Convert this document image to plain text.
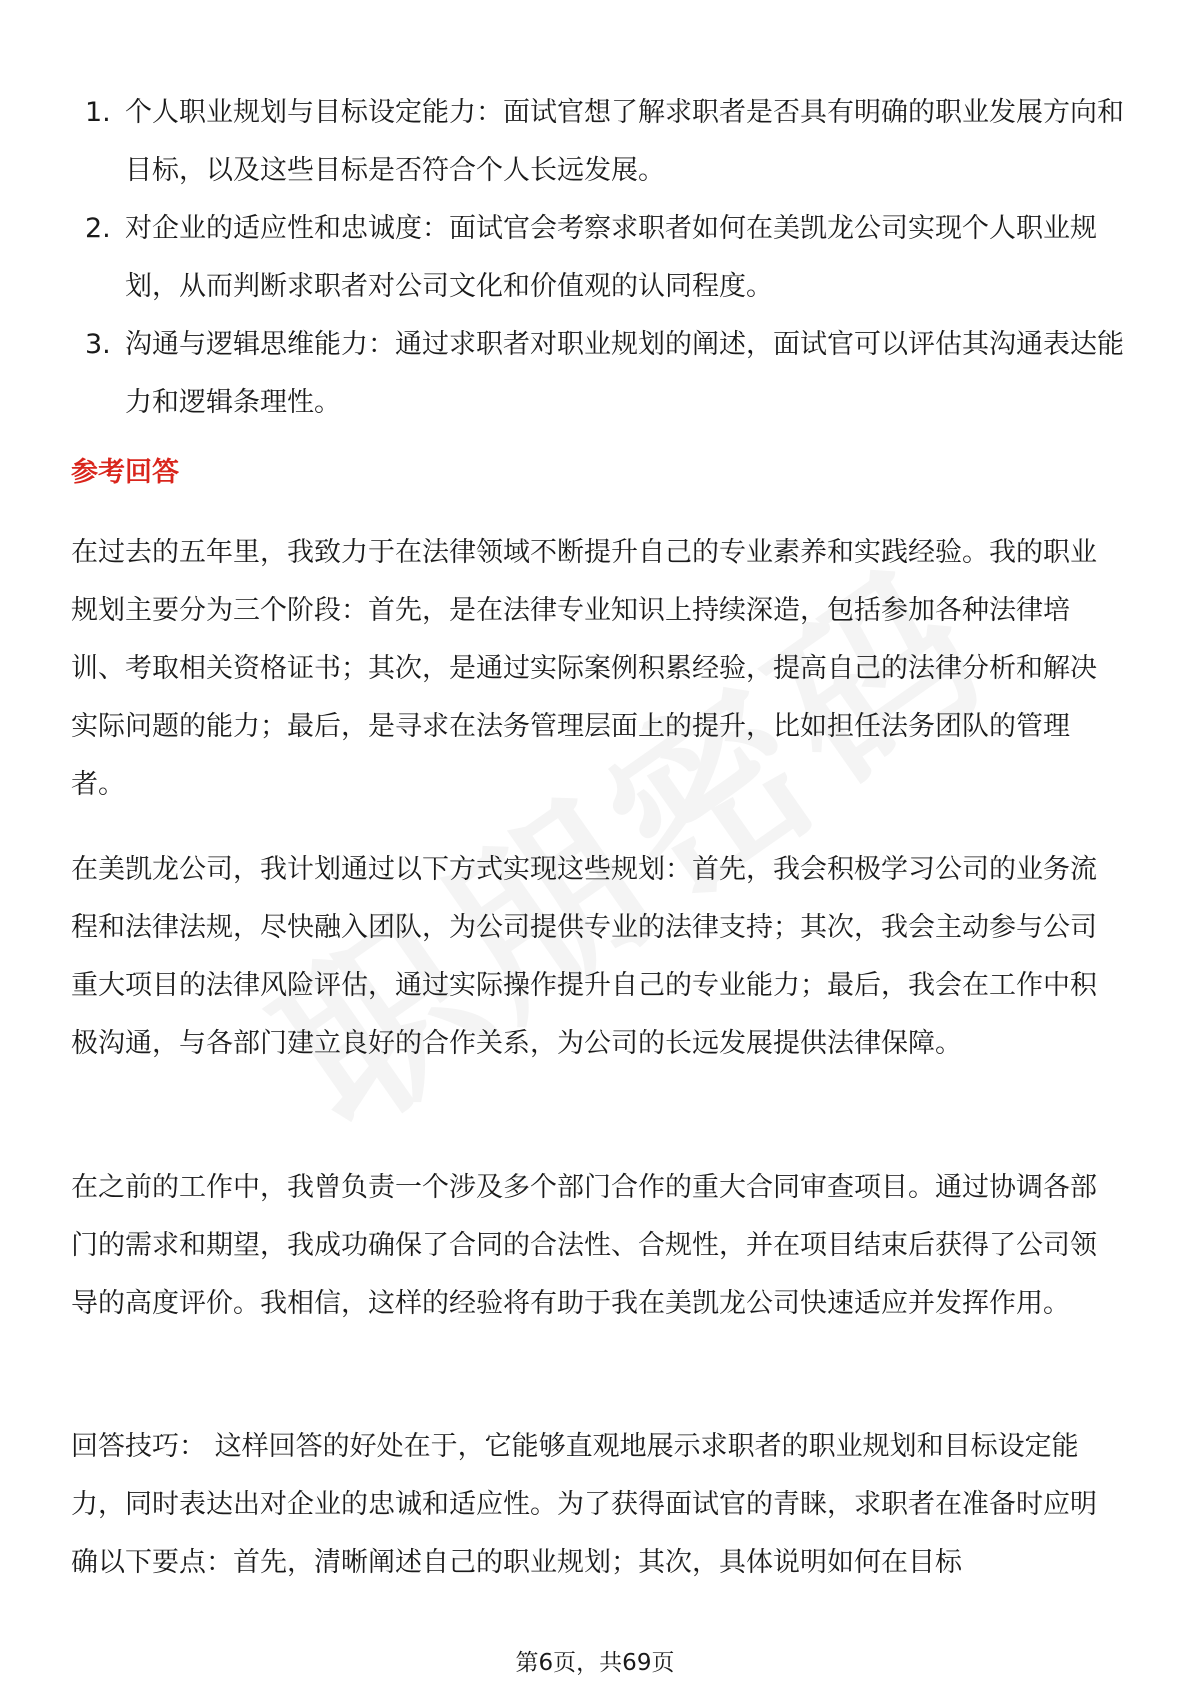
1. 个人职业规划与目标设定能力：面试官想了解求职者是否具有明确的职业发展方向和目标，以及这些目标是否符合个人长远发展。
2. 对企业的适应性和忠诚度：面试官会考察求职者如何在美凯龙公司实现个人职业规划，从而判断求职者对公司文化和价值观的认同程度。
3. 沟通与逻辑思维能力：通过求职者对职业规划的阐述，面试官可以评估其沟通表达能力和逻辑条理性。
参考回答

在过去的五年里，我致力于在法律领域不断提升自己的专业素养和实践经验。我的职业规划主要分为三个阶段：首先，是在法律专业知识上持续深造，包括参加各种法律培训、考取相关资格证书；其次，是通过实际案例积累经验，提高自己的法律分析和解决实际问题的能力；最后，是寻求在法务管理层面上的提升，比如担任法务团队的管理者。

在美凯龙公司，我计划通过以下方式实现这些规划：首先，我会积极学习公司的业务流程和法律法规，尽快融入团队，为公司提供专业的法律支持；其次，我会主动参与公司重大项目的法律风险评估，通过实际操作提升自己的专业能力；最后，我会在工作中积极沟通，与各部门建立良好的合作关系，为公司的长远发展提供法律保障。

在之前的工作中，我曾负责一个涉及多个部门合作的重大合同审查项目。通过协调各部门的需求和期望，我成功确保了合同的合法性、合规性，并在项目结束后获得了公司领导的高度评价。我相信，这样的经验将有助于我在美凯龙公司快速适应并发挥作用。

回答技巧： 这样回答的好处在于，它能够直观地展示求职者的职业规划和目标设定能力，同时表达出对企业的忠诚和适应性。为了获得面试官的青睐，求职者在准备时应明确以下要点：首先，清晰阐述自己的职业规划；其次，具体说明如何在目标

第6页，共69页
